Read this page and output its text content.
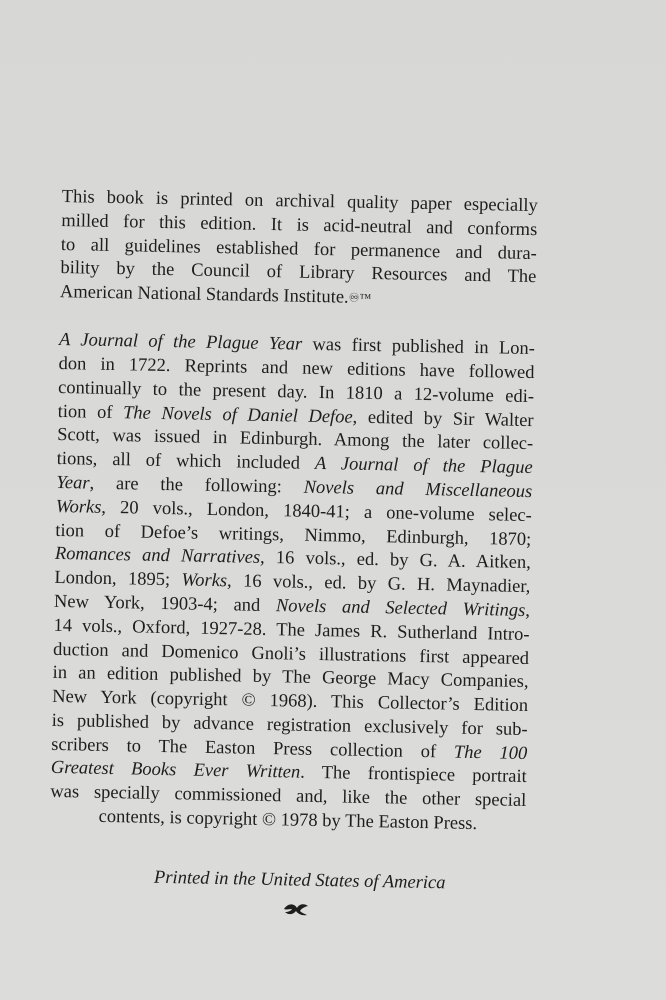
This book is printed on archival quality paper especially
milled for this edition. It is acid-neutral and conforms
to all guidelines established for permanence and dura-
bility by the Council of Library Resources and The
American National Standards Institute.♾™

A Journal of the Plague Year was first published in Lon-
don in 1722. Reprints and new editions have followed
continually to the present day. In 1810 a 12-volume edi-
tion of The Novels of Daniel Defoe, edited by Sir Walter
Scott, was issued in Edinburgh. Among the later collec-
tions, all of which included A Journal of the Plague
Year, are the following: Novels and Miscellaneous
Works, 20 vols., London, 1840-41; a one-volume selec-
tion of Defoe’s writings, Nimmo, Edinburgh, 1870;
Romances and Narratives, 16 vols., ed. by G. A. Aitken,
London, 1895; Works, 16 vols., ed. by G. H. Maynadier,
New York, 1903-4; and Novels and Selected Writings,
14 vols., Oxford, 1927-28. The James R. Sutherland Intro-
duction and Domenico Gnoli’s illustrations first appeared
in an edition published by The George Macy Companies,
New York (copyright © 1968). This Collector’s Edition
is published by advance registration exclusively for sub-
scribers to The Easton Press collection of The 100
Greatest Books Ever Written. The frontispiece portrait
was specially commissioned and, like the other special
contents, is copyright © 1978 by The Easton Press.

Printed in the United States of America
